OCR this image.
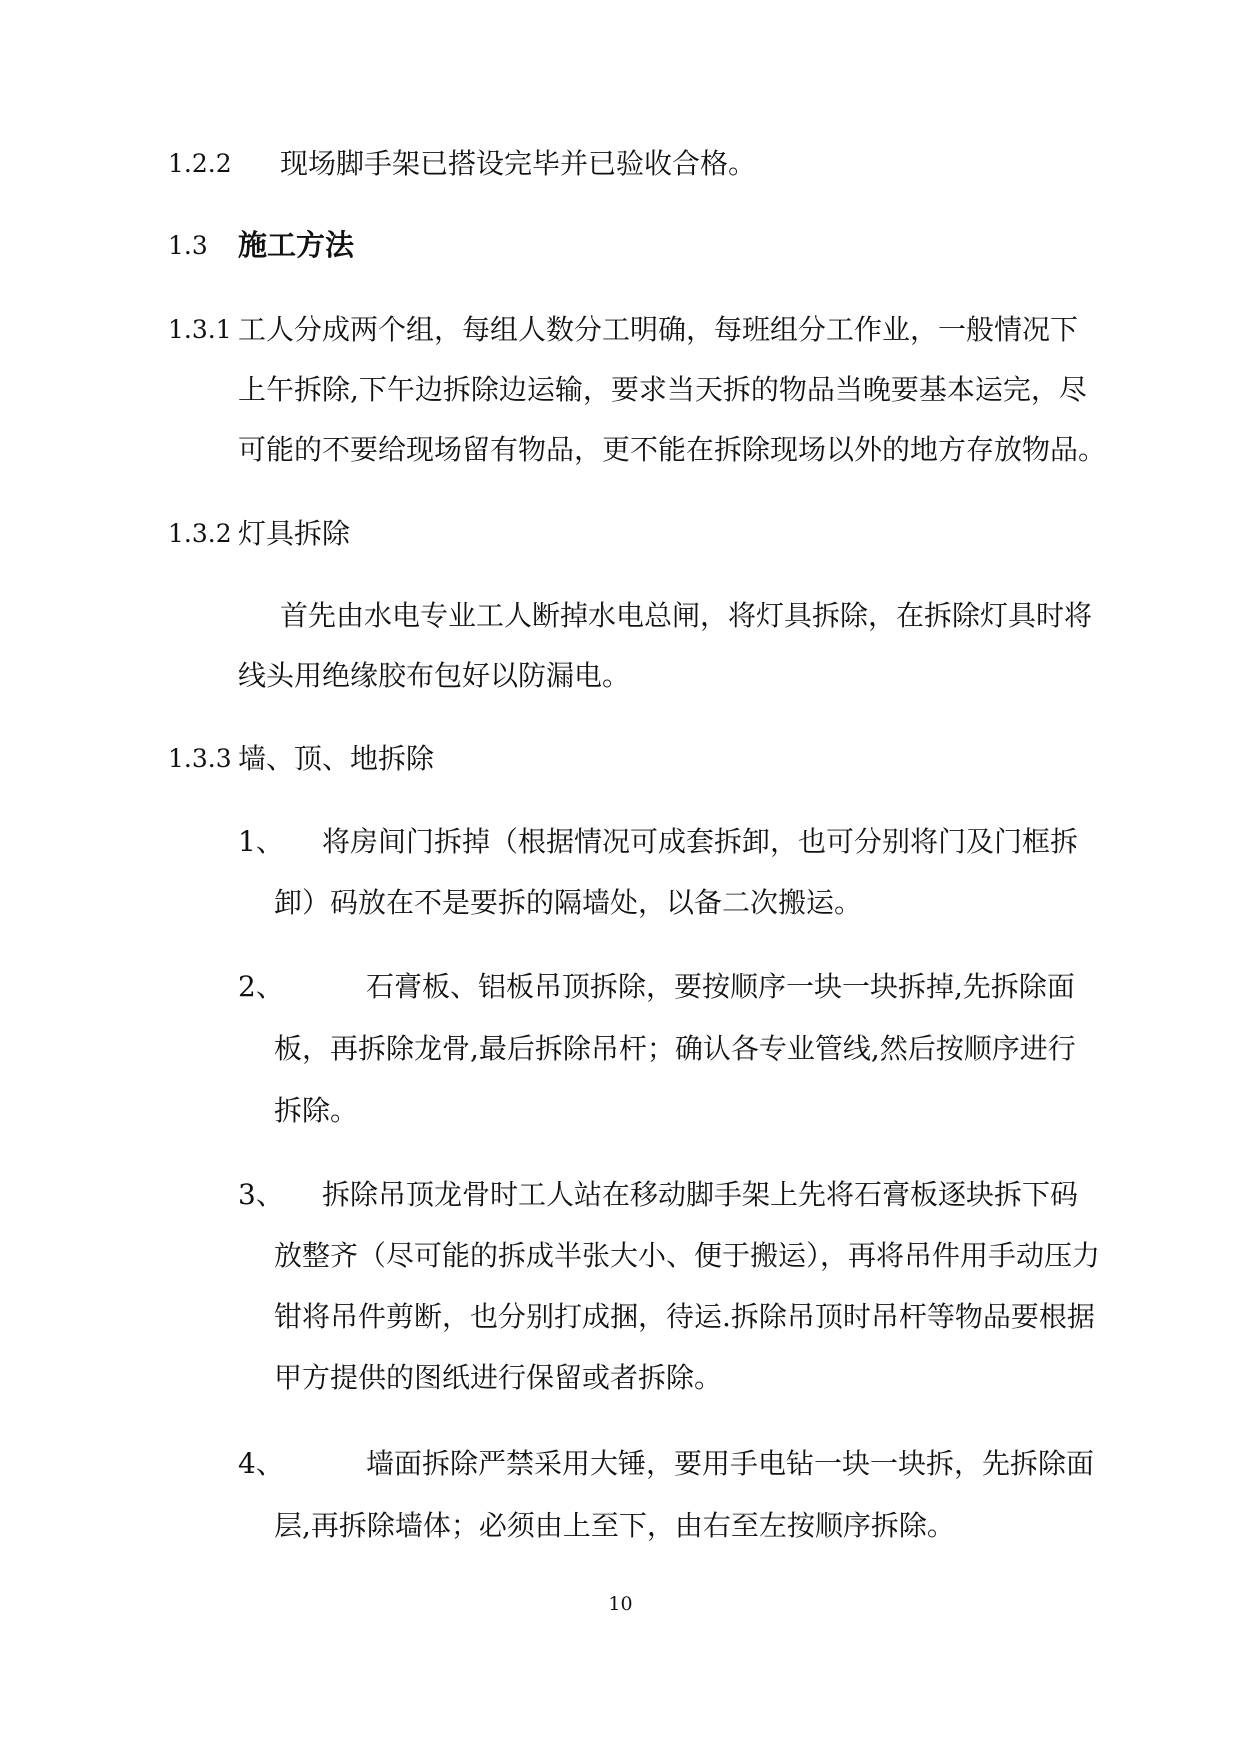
1.2.2 现场脚手架已搭设完毕并已验收合格。
1.3 施工方法
1.3.1 工人分成两个组，每组人数分工明确，每班组分工作业，一般情况下
上午拆除,下午边拆除边运输，要求当天拆的物品当晚要基本运完，尽
可能的不要给现场留有物品，更不能在拆除现场以外的地方存放物品。
1.3.2 灯具拆除
首先由水电专业工人断掉水电总闸，将灯具拆除，在拆除灯具时将
线头用绝缘胶布包好以防漏电。
1.3.3 墙、顶、地拆除
1、 将房间门拆掉（根据情况可成套拆卸，也可分别将门及门框拆
卸）码放在不是要拆的隔墙处，以备二次搬运。
2、	石膏板、铝板吊顶拆除，要按顺序一块一块拆掉,先拆除面
板，再拆除龙骨,最后拆除吊杆；确认各专业管线,然后按顺序进行
拆除。
3、 拆除吊顶龙骨时工人站在移动脚手架上先将石膏板逐块拆下码
放整齐（尽可能的拆成半张大小、便于搬运），再将吊件用手动压力
钳将吊件剪断，也分别打成捆，待运.拆除吊顶时吊杆等物品要根据
甲方提供的图纸进行保留或者拆除。
4、	墙面拆除严禁采用大锤，要用手电钻一块一块拆，先拆除面
层,再拆除墙体；必须由上至下，由右至左按顺序拆除。
10
